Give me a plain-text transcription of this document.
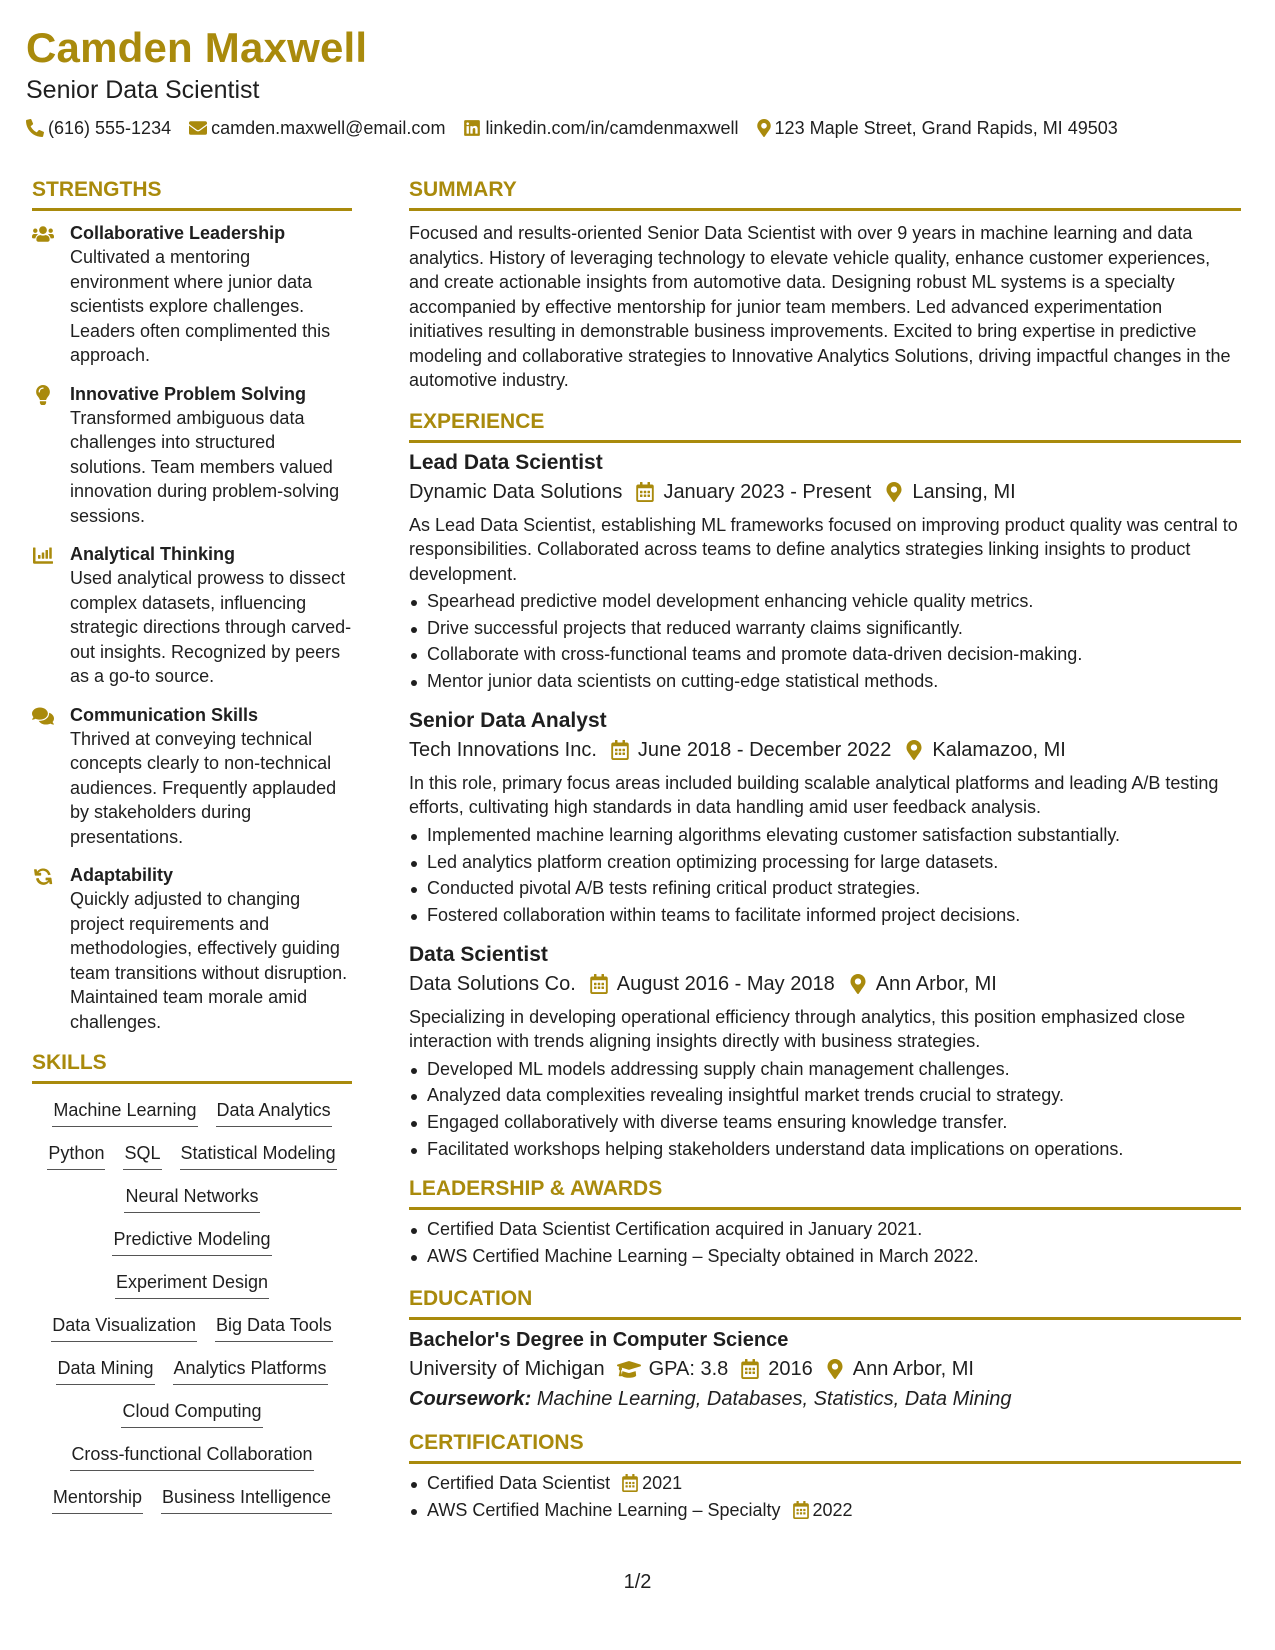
Camden Maxwell
Senior Data Scientist
(616) 555-1234 camden.maxwell@email.com linkedin.com/in/camdenmaxwell 123 Maple Street, Grand Rapids, MI 49503
STRENGTHS
Collaborative Leadership
Cultivated a mentoring environment where junior data scientists explore challenges. Leaders often complimented this approach.
Innovative Problem Solving
Transformed ambiguous data challenges into structured solutions. Team members valued innovation during problem-solving sessions.
Analytical Thinking
Used analytical prowess to dissect complex datasets, influencing strategic directions through carved-out insights. Recognized by peers as a go-to source.
Communication Skills
Thrived at conveying technical concepts clearly to non-technical audiences. Frequently applauded by stakeholders during presentations.
Adaptability
Quickly adjusted to changing project requirements and methodologies, effectively guiding team transitions without disruption. Maintained team morale amid challenges.
SKILLS
Machine Learning Data Analytics
Python SQL Statistical Modeling
Neural Networks
Predictive Modeling
Experiment Design
Data Visualization Big Data Tools
Data Mining Analytics Platforms
Cloud Computing
Cross-functional Collaboration
Mentorship Business Intelligence
SUMMARY
Focused and results-oriented Senior Data Scientist with over 9 years in machine learning and data analytics. History of leveraging technology to elevate vehicle quality, enhance customer experiences, and create actionable insights from automotive data. Designing robust ML systems is a specialty accompanied by effective mentorship for junior team members. Led advanced experimentation initiatives resulting in demonstrable business improvements. Excited to bring expertise in predictive modeling and collaborative strategies to Innovative Analytics Solutions, driving impactful changes in the automotive industry.
EXPERIENCE
Lead Data Scientist
Dynamic Data Solutions January 2023 - Present Lansing, MI
As Lead Data Scientist, establishing ML frameworks focused on improving product quality was central to responsibilities. Collaborated across teams to define analytics strategies linking insights to product development.
Spearhead predictive model development enhancing vehicle quality metrics.
Drive successful projects that reduced warranty claims significantly.
Collaborate with cross-functional teams and promote data-driven decision-making.
Mentor junior data scientists on cutting-edge statistical methods.
Senior Data Analyst
Tech Innovations Inc. June 2018 - December 2022 Kalamazoo, MI
In this role, primary focus areas included building scalable analytical platforms and leading A/B testing efforts, cultivating high standards in data handling amid user feedback analysis.
Implemented machine learning algorithms elevating customer satisfaction substantially.
Led analytics platform creation optimizing processing for large datasets.
Conducted pivotal A/B tests refining critical product strategies.
Fostered collaboration within teams to facilitate informed project decisions.
Data Scientist
Data Solutions Co. August 2016 - May 2018 Ann Arbor, MI
Specializing in developing operational efficiency through analytics, this position emphasized close interaction with trends aligning insights directly with business strategies.
Developed ML models addressing supply chain management challenges.
Analyzed data complexities revealing insightful market trends crucial to strategy.
Engaged collaboratively with diverse teams ensuring knowledge transfer.
Facilitated workshops helping stakeholders understand data implications on operations.
LEADERSHIP & AWARDS
Certified Data Scientist Certification acquired in January 2021.
AWS Certified Machine Learning – Specialty obtained in March 2022.
EDUCATION
Bachelor's Degree in Computer Science
University of Michigan GPA: 3.8 2016 Ann Arbor, MI
Coursework: Machine Learning, Databases, Statistics, Data Mining
CERTIFICATIONS
Certified Data Scientist 2021
AWS Certified Machine Learning – Specialty 2022
1/2
